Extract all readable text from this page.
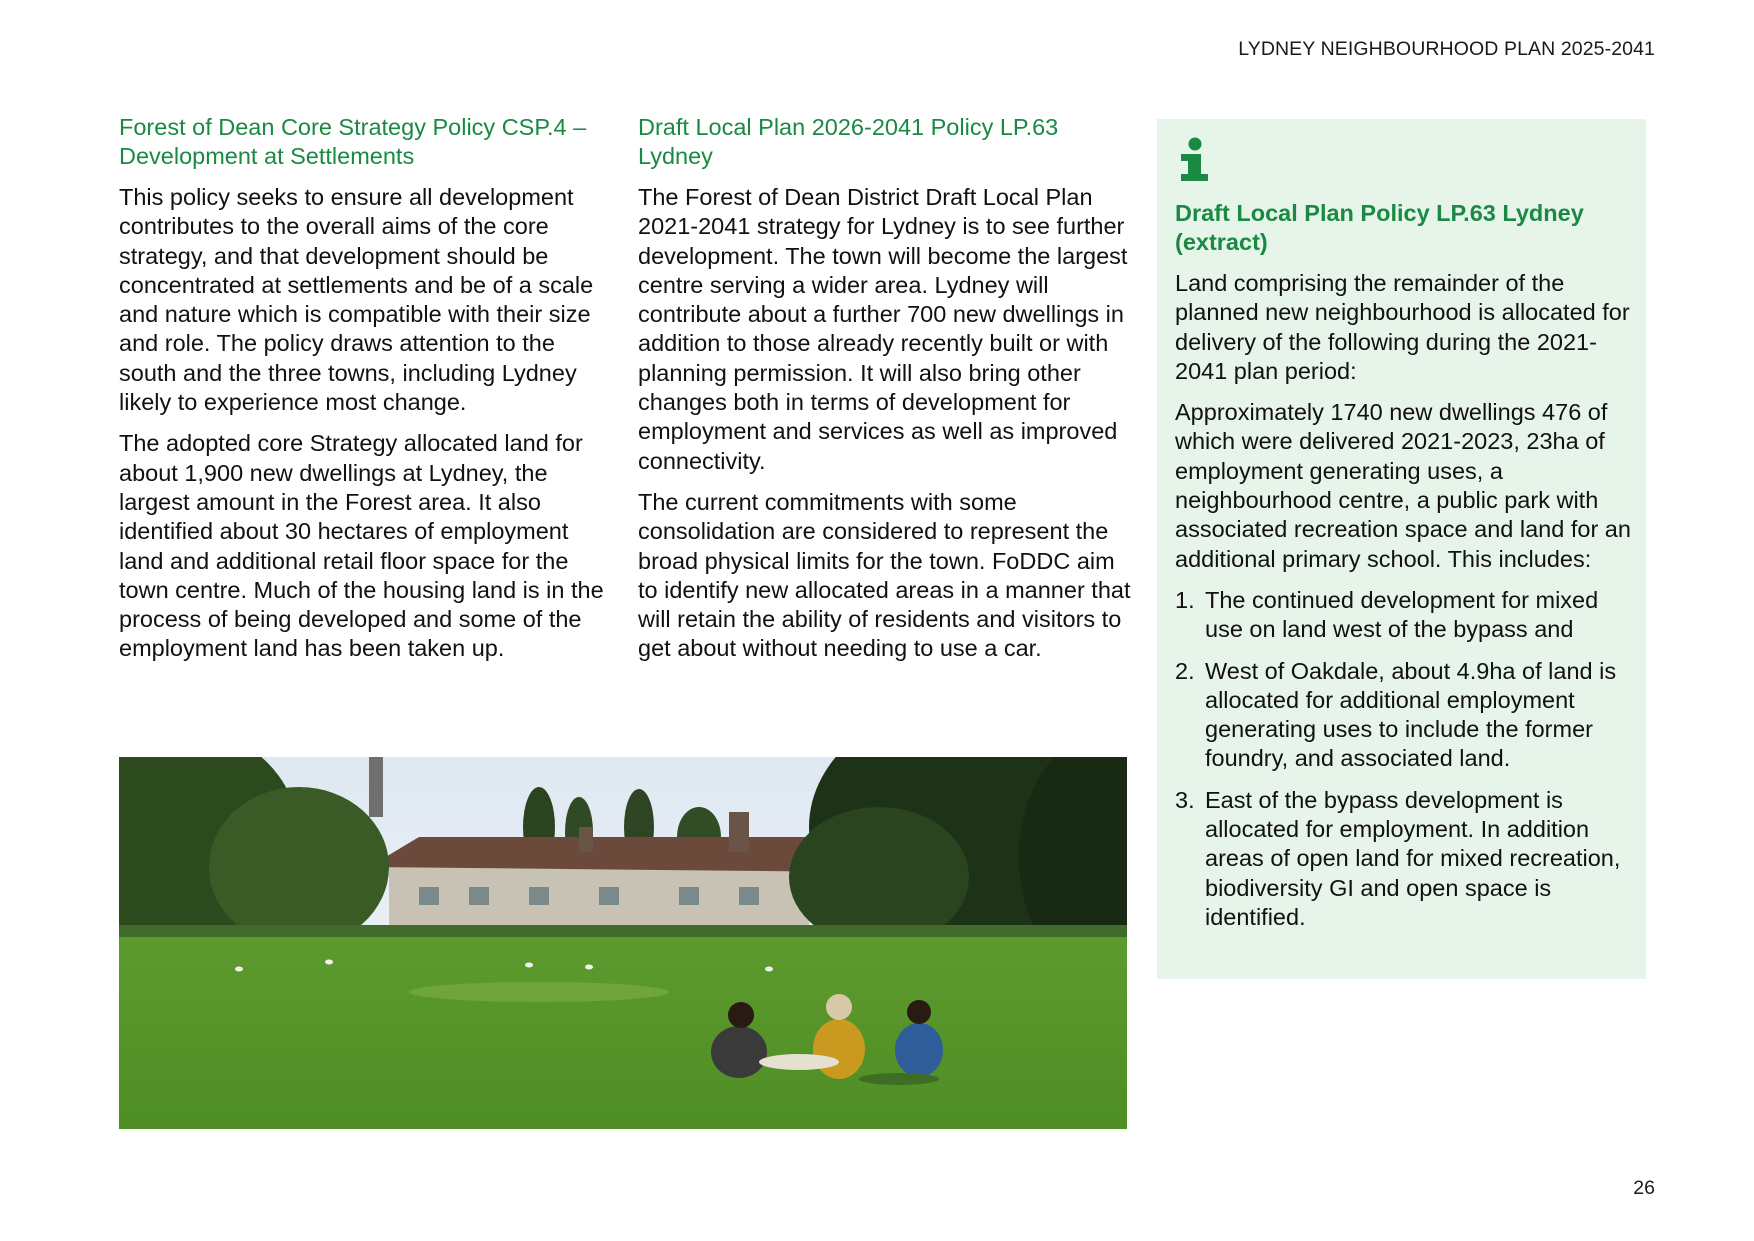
LYDNEY NEIGHBOURHOOD PLAN 2025-2041
Forest of Dean Core Strategy Policy CSP.4 – Development at Settlements

This policy seeks to ensure all development contributes to the overall aims of the core strategy, and that development should be concentrated at settlements and be of a scale and nature which is compatible with their size and role. The policy draws attention to the south and the three towns, including Lydney likely to experience most change.

The adopted core Strategy allocated land for about 1,900 new dwellings at Lydney, the largest amount in the Forest area. It also identified about 30 hectares of employment land and additional retail floor space for the town centre. Much of the housing land is in the process of being developed and some of the employment land has been taken up.

Draft Local Plan 2026-2041 Policy LP.63 Lydney

The Forest of Dean District Draft Local Plan 2021-2041 strategy for Lydney is to see further development. The town will become the largest centre serving a wider area. Lydney will contribute about a further 700 new dwellings in addition to those already recently built or with planning permission. It will also bring other changes both in terms of development for employment and services as well as improved connectivity.

The current commitments with some consolidation are considered to represent the broad physical limits for the town. FoDDC aim to identify new allocated areas in a manner that will retain the ability of residents and visitors to get about without needing to use a car.

Draft Local Plan Policy LP.63 Lydney (extract)

Land comprising the remainder of the planned new neighbourhood is allocated for delivery of the following during the 2021-2041 plan period:

Approximately 1740 new dwellings 476 of which were delivered 2021-2023, 23ha of employment generating uses, a neighbourhood centre, a public park with associated recreation space and land for an additional primary school. This includes:

1. The continued development for mixed use on land west of the bypass and
2. West of Oakdale, about 4.9ha of land is allocated for additional employment generating uses to include the former foundry, and associated land.
3. East of the bypass development is allocated for employment. In addition areas of open land for mixed recreation, biodiversity GI and open space is identified.
26
